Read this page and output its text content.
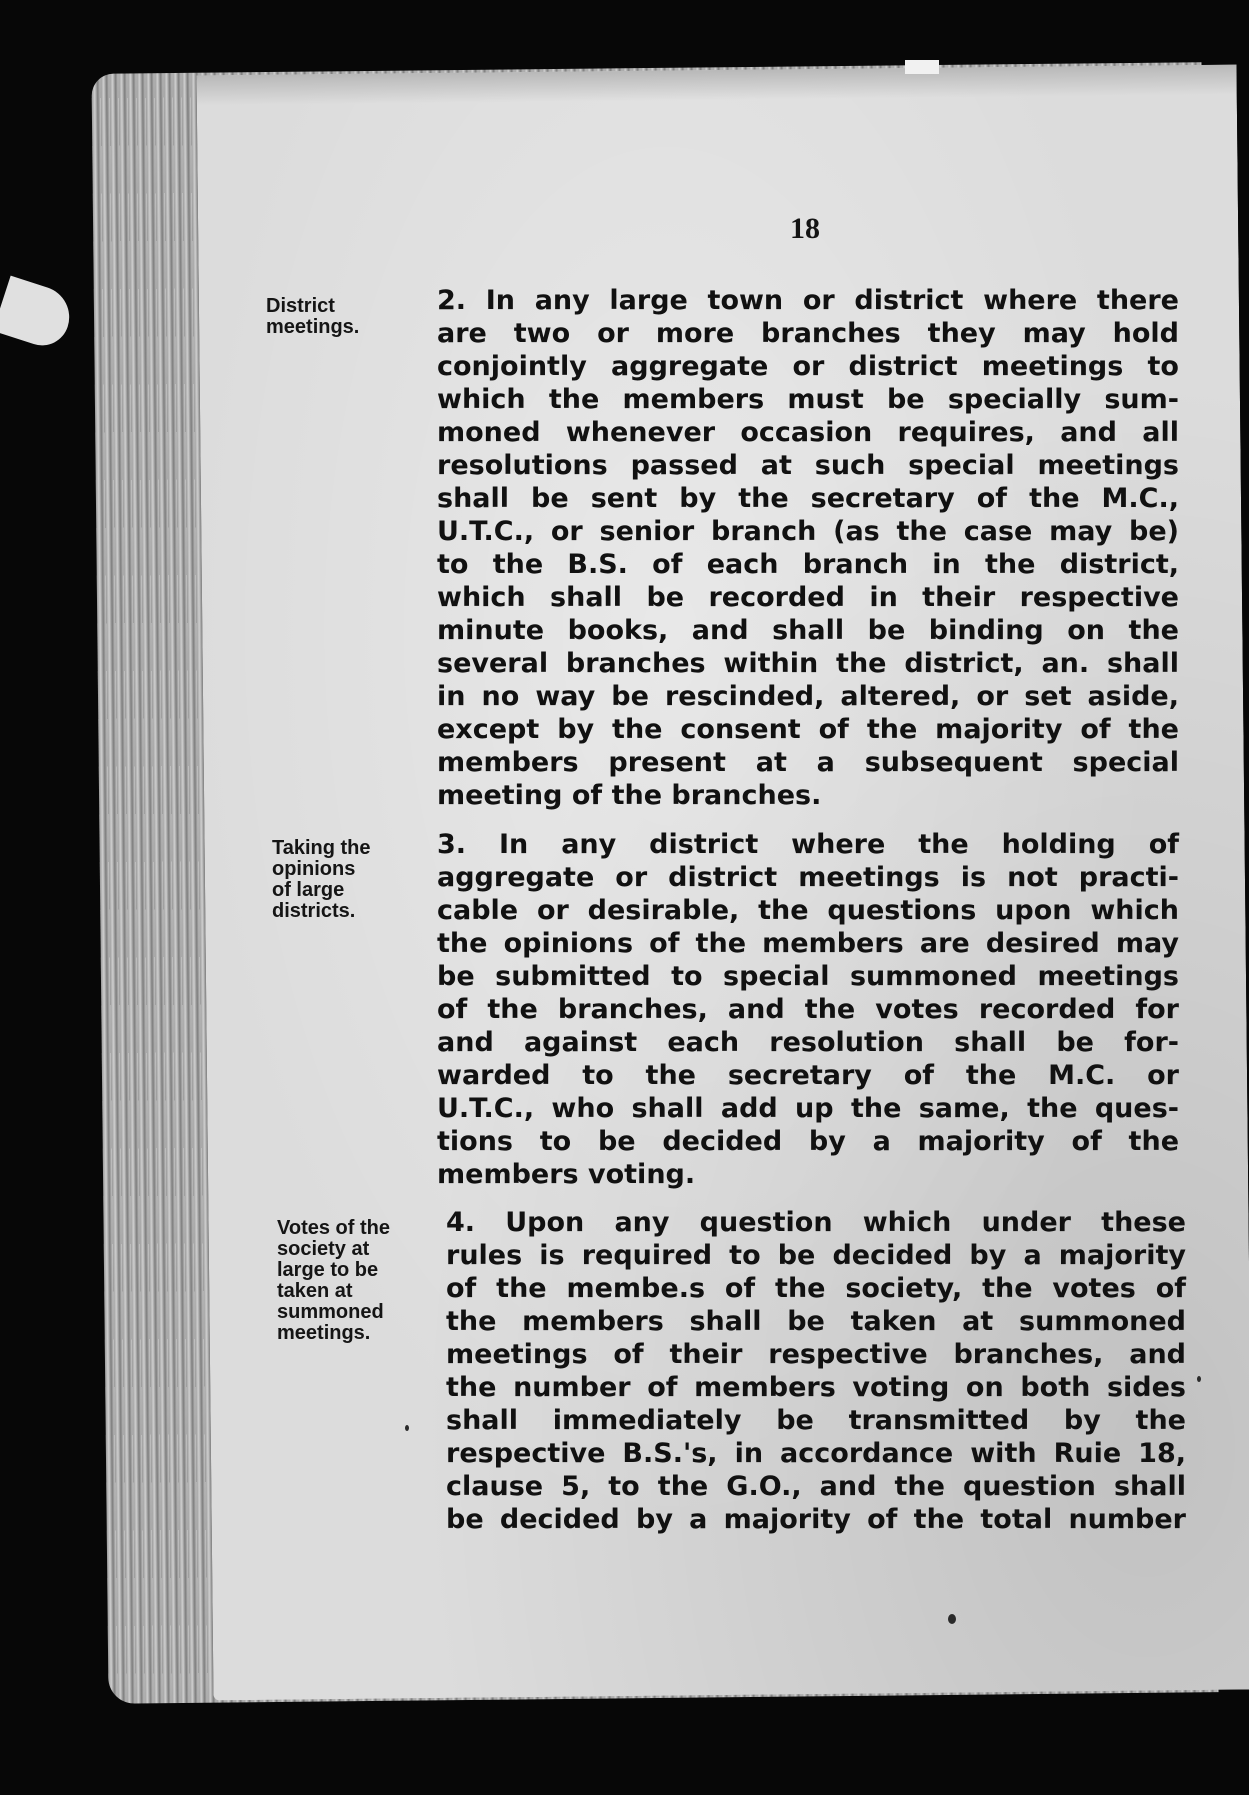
18
District
meetings.
2. In any large town or district where there
are two or more branches they may hold
conjointly aggregate or district meetings to
which the members must be specially sum-
moned whenever occasion requires, and all
resolutions passed at such special meetings
shall be sent by the secretary of the M.C.,
U.T.C., or senior branch (as the case may be)
to the B.S. of each branch in the district,
which shall be recorded in their respective
minute books, and shall be binding on the
several branches within the district, an. shall
in no way be rescinded, altered, or set aside,
except by the consent of the majority of the
members present at a subsequent special
meeting of the branches.
Taking the
opinions
of large
districts.
3. In any district where the holding of
aggregate or district meetings is not practi-
cable or desirable, the questions upon which
the opinions of the members are desired may
be submitted to special summoned meetings
of the branches, and the votes recorded for
and against each resolution shall be for-
warded to the secretary of the M.C. or
U.T.C., who shall add up the same, the ques-
tions to be decided by a majority of the
members voting.
Votes of the
society at
large to be
taken at
summoned
meetings.
4. Upon any question which under these
rules is required to be decided by a majority
of the membe.s of the society, the votes of
the members shall be taken at summoned
meetings of their respective branches, and
the number of members voting on both sides
shall immediately be transmitted by the
respective B.S.'s, in accordance with Ruie 18,
clause 5, to the G.O., and the question shall
be decided by a majority of the total number
